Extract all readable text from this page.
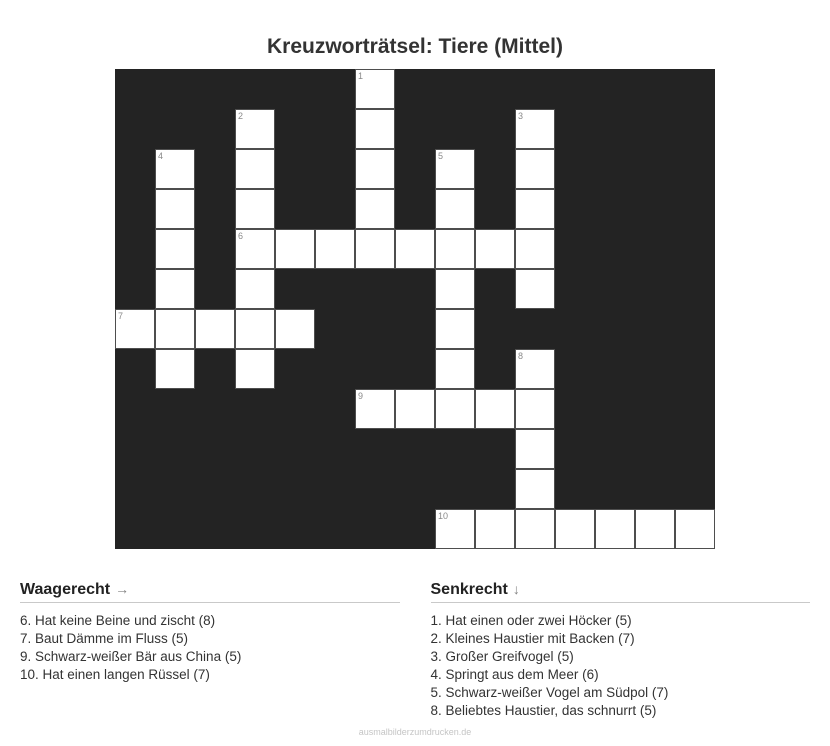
Kreuzworträtsel: Tiere (Mittel)
1
2	3
4	5
6
7
8
9
10
Waagerecht →
6. Hat keine Beine und zischt (8)
7. Baut Dämme im Fluss (5)
9. Schwarz-weißer Bär aus China (5)
10. Hat einen langen Rüssel (7)
Senkrecht ↓
1. Hat einen oder zwei Höcker (5)
2. Kleines Haustier mit Backen (7)
3. Großer Greifvogel (5)
4. Springt aus dem Meer (6)
5. Schwarz-weißer Vogel am Südpol (7)
8. Beliebtes Haustier, das schnurrt (5)
ausmalbilderzumdrucken.de
